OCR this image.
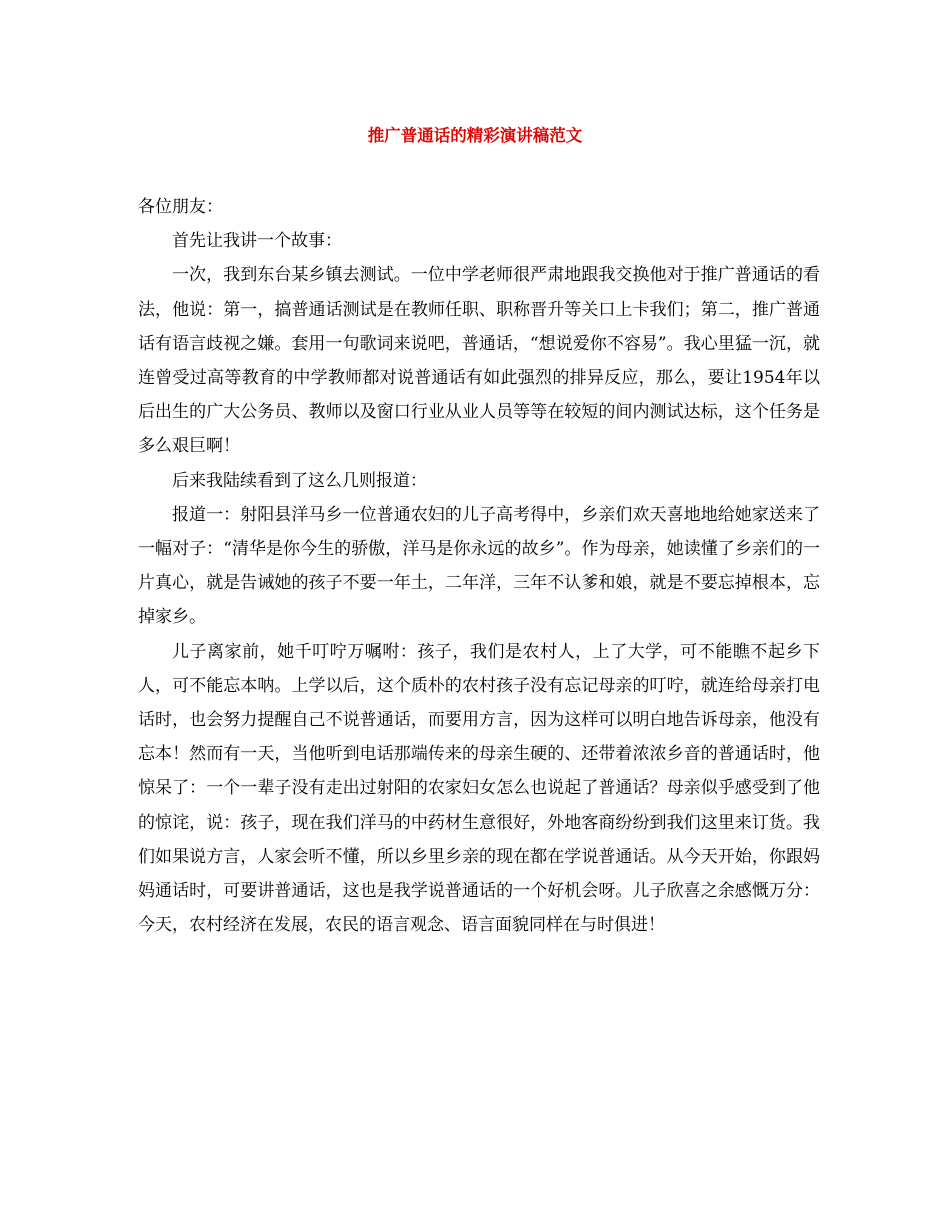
推广普通话的精彩演讲稿范文

各位朋友：

首先让我讲一个故事：

一次，我到东台某乡镇去测试。一位中学老师很严肃地跟我交换他对于推广普通话的看法，他说：第一，搞普通话测试是在教师任职、职称晋升等关口上卡我们；第二，推广普通话有语言歧视之嫌。套用一句歌词来说吧，普通话，“想说爱你不容易”。我心里猛一沉，就连曾受过高等教育的中学教师都对说普通话有如此强烈的排异反应，那么，要让1954年以后出生的广大公务员、教师以及窗口行业从业人员等等在较短的间内测试达标，这个任务是多么艰巨啊！

后来我陆续看到了这么几则报道：

报道一：射阳县洋马乡一位普通农妇的儿子高考得中，乡亲们欢天喜地地给她家送来了一幅对子：“清华是你今生的骄傲，洋马是你永远的故乡”。作为母亲，她读懂了乡亲们的一片真心，就是告诫她的孩子不要一年土，二年洋，三年不认爹和娘，就是不要忘掉根本，忘掉家乡。

儿子离家前，她千叮咛万嘱咐：孩子，我们是农村人，上了大学，可不能瞧不起乡下人，可不能忘本呐。上学以后，这个质朴的农村孩子没有忘记母亲的叮咛，就连给母亲打电话时，也会努力提醒自己不说普通话，而要用方言，因为这样可以明白地告诉母亲，他没有忘本！然而有一天，当他听到电话那端传来的母亲生硬的、还带着浓浓乡音的普通话时，他惊呆了：一个一辈子没有走出过射阳的农家妇女怎么也说起了普通话？母亲似乎感受到了他的惊诧，说：孩子，现在我们洋马的中药材生意很好，外地客商纷纷到我们这里来订货。我们如果说方言，人家会听不懂，所以乡里乡亲的现在都在学说普通话。从今天开始，你跟妈妈通话时，可要讲普通话，这也是我学说普通话的一个好机会呀。儿子欣喜之余感慨万分：今天，农村经济在发展，农民的语言观念、语言面貌同样在与时俱进！
